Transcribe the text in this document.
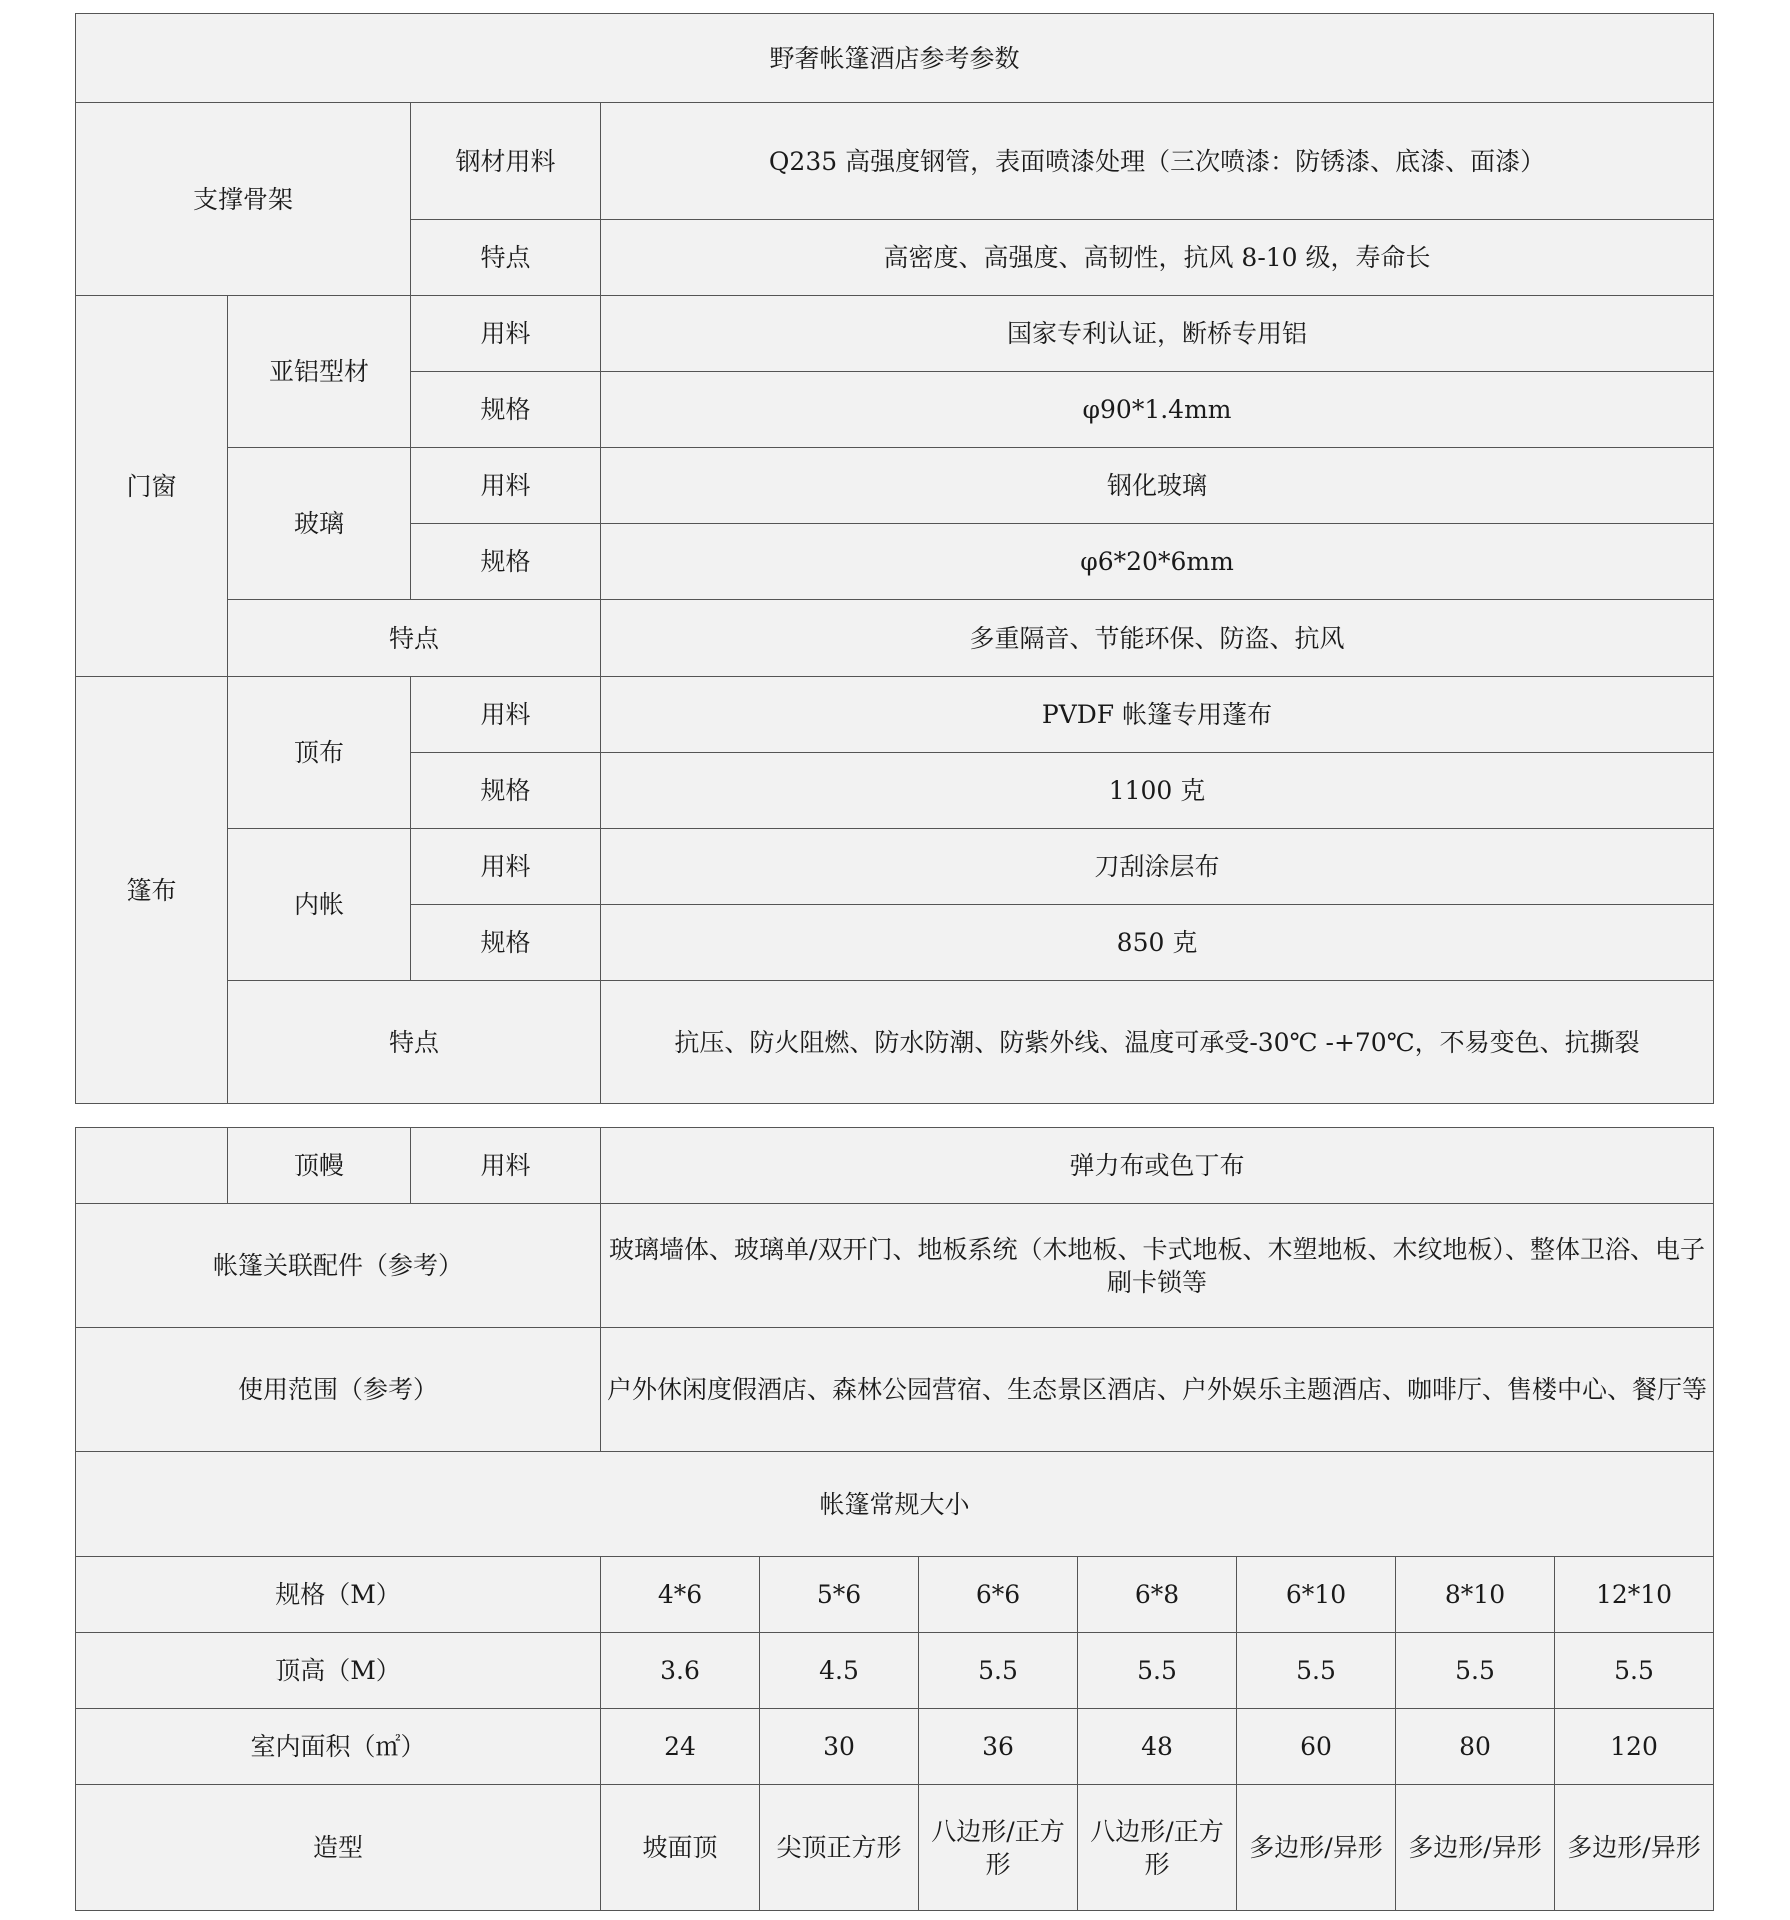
野奢帐篷酒店参考参数			
支撑骨架		钢材用料	Q235 高强度钢管，表面喷漆处理（三次喷漆：防锈漆、底漆、面漆）
		特点	高密度、高强度、高韧性，抗风 8-10 级，寿命长
门窗	亚铝型材	用料	国家专利认证，断桥专用铝
		规格	φ90*1.4mm
	玻璃	用料	钢化玻璃
		规格	φ6*20*6mm
	特点		多重隔音、节能环保、防盗、抗风
篷布	顶布	用料	PVDF 帐篷专用蓬布
		规格	1100 克
	内帐	用料	刀刮涂层布
		规格	850 克
	特点		抗压、防火阻燃、防水防潮、防紫外线、温度可承受-30℃ -+70℃，不易变色、抗撕裂
	顶幔	用料	弹力布或色丁布						
帐篷关联配件（参考）			玻璃墙体、玻璃单/双开门、地板系统（木地板、卡式地板、木塑地板、木纹地板）、整体卫浴、电子刷卡锁等						
使用范围（参考）			户外休闲度假酒店、森林公园营宿、生态景区酒店、户外娱乐主题酒店、咖啡厅、售楼中心、餐厅等						
帐篷常规大小									
规格（M）			4*6	5*6	6*6	6*8	6*10	8*10	12*10
顶高（M）			3.6	4.5	5.5	5.5	5.5	5.5	5.5
室内面积（㎡）			24	30	36	48	60	80	120
造型			坡面顶	尖顶正方形	八边形/正方形	八边形/正方形	多边形/异形	多边形/异形	多边形/异形
